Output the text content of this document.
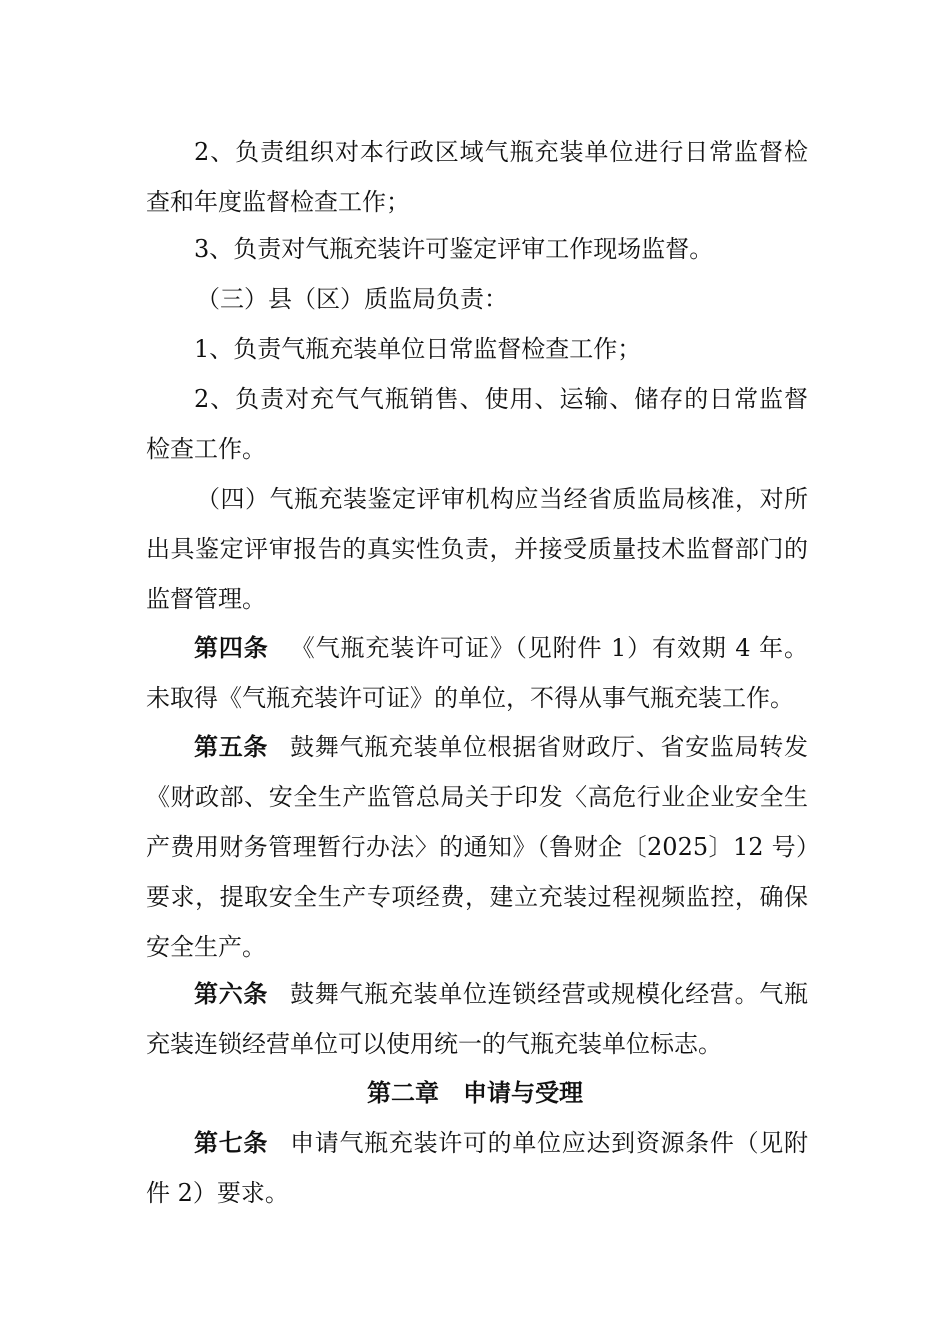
2、负责组织对本行政区域气瓶充装单位进行日常监督检查和年度监督检查工作；

3、负责对气瓶充装许可鉴定评审工作现场监督。

（三）县（区）质监局负责：

1、负责气瓶充装单位日常监督检查工作；

2、负责对充气气瓶销售、使用、运输、储存的日常监督检查工作。

（四）气瓶充装鉴定评审机构应当经省质监局核准，对所出具鉴定评审报告的真实性负责，并接受质量技术监督部门的监督管理。

第四条 《气瓶充装许可证》（见附件 1）有效期 4 年。未取得《气瓶充装许可证》的单位，不得从事气瓶充装工作。

第五条 鼓舞气瓶充装单位根据省财政厅、省安监局转发《财政部、安全生产监管总局关于印发〈高危行业企业安全生产费用财务管理暂行办法〉的通知》（鲁财企〔2025〕12 号）要求，提取安全生产专项经费，建立充装过程视频监控，确保安全生产。

第六条 鼓舞气瓶充装单位连锁经营或规模化经营。气瓶充装连锁经营单位可以使用统一的气瓶充装单位标志。

第二章 申请与受理

第七条 申请气瓶充装许可的单位应达到资源条件（见附件 2）要求。
